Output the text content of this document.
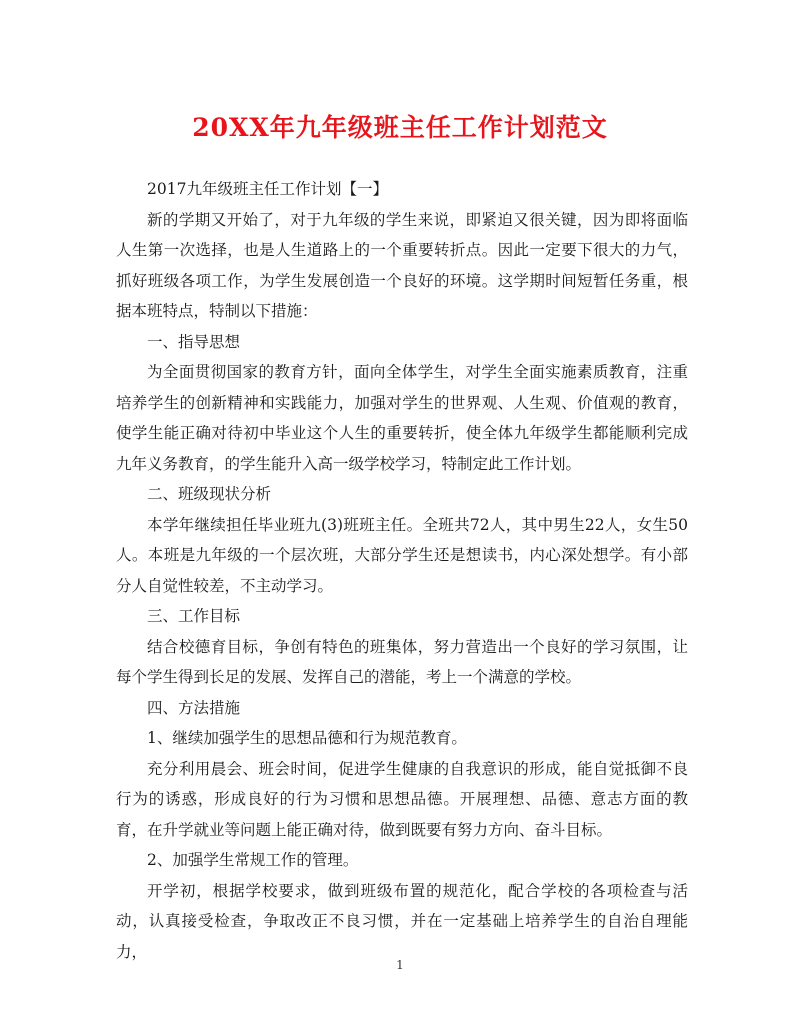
20XX年九年级班主任工作计划范文

2017九年级班主任工作计划【一】

新的学期又开始了，对于九年级的学生来说，即紧迫又很关键，因为即将面临人生第一次选择，也是人生道路上的一个重要转折点。因此一定要下很大的力气，抓好班级各项工作，为学生发展创造一个良好的环境。这学期时间短暂任务重，根据本班特点，特制以下措施：

一、指导思想

为全面贯彻国家的教育方针，面向全体学生，对学生全面实施素质教育，注重培养学生的创新精神和实践能力，加强对学生的世界观、人生观、价值观的教育，使学生能正确对待初中毕业这个人生的重要转折，使全体九年级学生都能顺利完成九年义务教育，的学生能升入高一级学校学习，特制定此工作计划。

二、班级现状分析

本学年继续担任毕业班九(3)班班主任。全班共72人，其中男生22人，女生50人。本班是九年级的一个层次班，大部分学生还是想读书，内心深处想学。有小部分人自觉性较差，不主动学习。

三、工作目标

结合校德育目标，争创有特色的班集体，努力营造出一个良好的学习氛围，让每个学生得到长足的发展、发挥自己的潜能，考上一个满意的学校。

四、方法措施

1、继续加强学生的思想品德和行为规范教育。

充分利用晨会、班会时间，促进学生健康的自我意识的形成，能自觉抵御不良行为的诱惑，形成良好的行为习惯和思想品德。开展理想、品德、意志方面的教育，在升学就业等问题上能正确对待，做到既要有努力方向、奋斗目标。

2、加强学生常规工作的管理。

开学初，根据学校要求，做到班级布置的规范化，配合学校的各项检查与活动，认真接受检查，争取改正不良习惯，并在一定基础上培养学生的自治自理能力，

1
